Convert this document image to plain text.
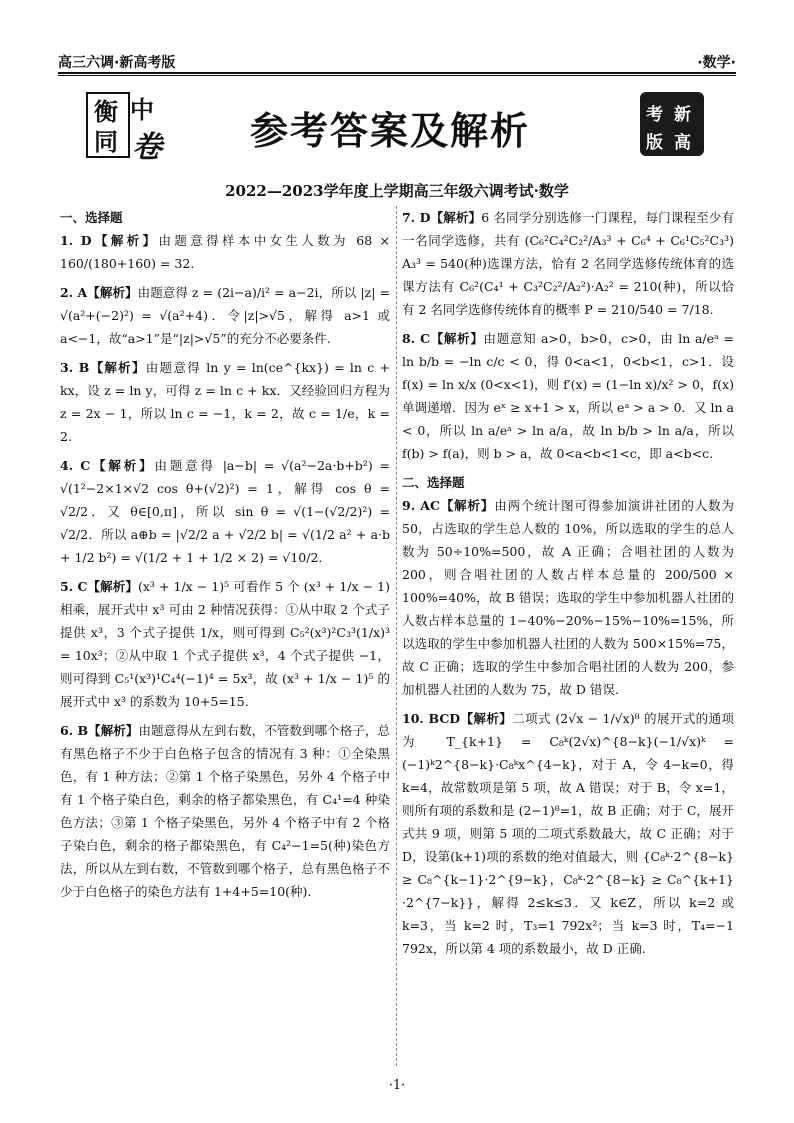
高三六调·新高考版	·数学·
衡 中
同 卷 参考答案及解析	考 新
版 高
2022—2023学年度上学期高三年级六调考试·数学
一、选择题
1. D【解析】由题意得样本中女生人数为 68 × 160/(180+160) = 32.
2. A【解析】由题意得 z = (2i−a)/i² = a−2i，所以 |z| = √(a²+(−2)²) = √(a²+4)．令|z|>√5，解得 a>1 或 a<−1，故“a>1”是“|z|>√5”的充分不必要条件.
3. B【解析】由题意得 ln y = ln(ce^{kx}) = ln c + kx，设 z = ln y，可得 z = ln c + kx．又经验回归方程为 z = 2x − 1，所以 ln c = −1，k = 2，故 c = 1/e，k = 2.
4. C【解析】由题意得 |a−b| = √(a²−2a·b+b²) = √(1²−2×1×√2 cos θ+(√2)²) = 1，解得 cos θ = √2/2．又 θ∈[0,π]，所以 sin θ = √(1−(√2/2)²) = √2/2．所以 a⊕b = |√2/2 a + √2/2 b| = √(1/2 a² + a·b + 1/2 b²) = √(1/2 + 1 + 1/2 × 2) = √10/2.
5. C【解析】(x³ + 1/x − 1)⁵ 可看作 5 个 (x³ + 1/x − 1) 相乘，展开式中 x³ 可由 2 种情况获得：①从中取 2 个式子提供 x³，3 个式子提供 1/x，则可得到 C₅²(x³)²C₃³(1/x)³ = 10x³；②从中取 1 个式子提供 x³，4 个式子提供 −1，则可得到 C₅¹(x³)¹C₄⁴(−1)⁴ = 5x³，故 (x³ + 1/x − 1)⁵ 的展开式中 x³ 的系数为 10+5=15.
6. B【解析】由题意得从左到右数，不管数到哪个格子，总有黑色格子不少于白色格子包含的情况有 3 种：①全染黑色，有 1 种方法；②第 1 个格子染黑色，另外 4 个格子中有 1 个格子染白色，剩余的格子都染黑色，有 C₄¹=4 种染色方法；③第 1 个格子染黑色，另外 4 个格子中有 2 个格子染白色，剩余的格子都染黑色，有 C₄²−1=5(种)染色方法，所以从左到右数，不管数到哪个格子，总有黑色格子不少于白色格子的染色方法有 1+4+5=10(种).
7. D【解析】6 名同学分别选修一门课程，每门课程至少有一名同学选修，共有 (C₆²C₄²C₂²/A₃³ + C₆⁴ + C₆¹C₅²C₃³) A₃³ = 540(种)选课方法，恰有 2 名同学选修传统体育的选课方法有 C₆²(C₄¹ + C₃²C₂²/A₂²)·A₂² = 210(种)，所以恰有 2 名同学选修传统体育的概率 P = 210/540 = 7/18.
8. C【解析】由题意知 a>0，b>0，c>0，由 ln a/eᵃ = ln b/b = −ln c/c < 0，得 0<a<1，0<b<1，c>1．设 f(x) = ln x/x (0<x<1)，则 f′(x) = (1−ln x)/x² > 0，f(x) 单调递增．因为 eˣ ≥ x+1 > x，所以 eᵃ > a > 0．又 ln a < 0，所以 ln a/eᵃ > ln a/a，故 ln b/b > ln a/a，所以 f(b) > f(a)，则 b > a，故 0<a<b<1<c，即 a<b<c.
二、选择题
9. AC【解析】由两个统计图可得参加演讲社团的人数为 50，占选取的学生总人数的 10%，所以选取的学生的总人数为 50÷10%=500，故 A 正确；合唱社团的人数为 200，则合唱社团的人数占样本总量的 200/500 × 100%=40%，故 B 错误；选取的学生中参加机器人社团的人数占样本总量的 1−40%−20%−15%−10%=15%，所以选取的学生中参加机器人社团的人数为 500×15%=75，故 C 正确；选取的学生中参加合唱社团的人数为 200，参加机器人社团的人数为 75，故 D 错误.
10. BCD【解析】二项式 (2√x − 1/√x)⁸ 的展开式的通项为 T_{k+1} = C₈ᵏ(2√x)^{8−k}(−1/√x)ᵏ = (−1)ᵏ2^{8−k}·C₈ᵏx^{4−k}，对于 A，令 4−k=0，得 k=4，故常数项是第 5 项，故 A 错误；对于 B，令 x=1，则所有项的系数和是 (2−1)⁸=1，故 B 正确；对于 C，展开式共 9 项，则第 5 项的二项式系数最大，故 C 正确；对于 D，设第(k+1)项的系数的绝对值最大，则 {C₈ᵏ·2^{8−k} ≥ C₈^{k−1}·2^{9−k}，C₈ᵏ·2^{8−k} ≥ C₈^{k+1}·2^{7−k}}，解得 2≤k≤3．又 k∈Z，所以 k=2 或 k=3，当 k=2 时，T₃=1 792x²；当 k=3 时，T₄=−1 792x，所以第 4 项的系数最小，故 D 正确.
·1·
